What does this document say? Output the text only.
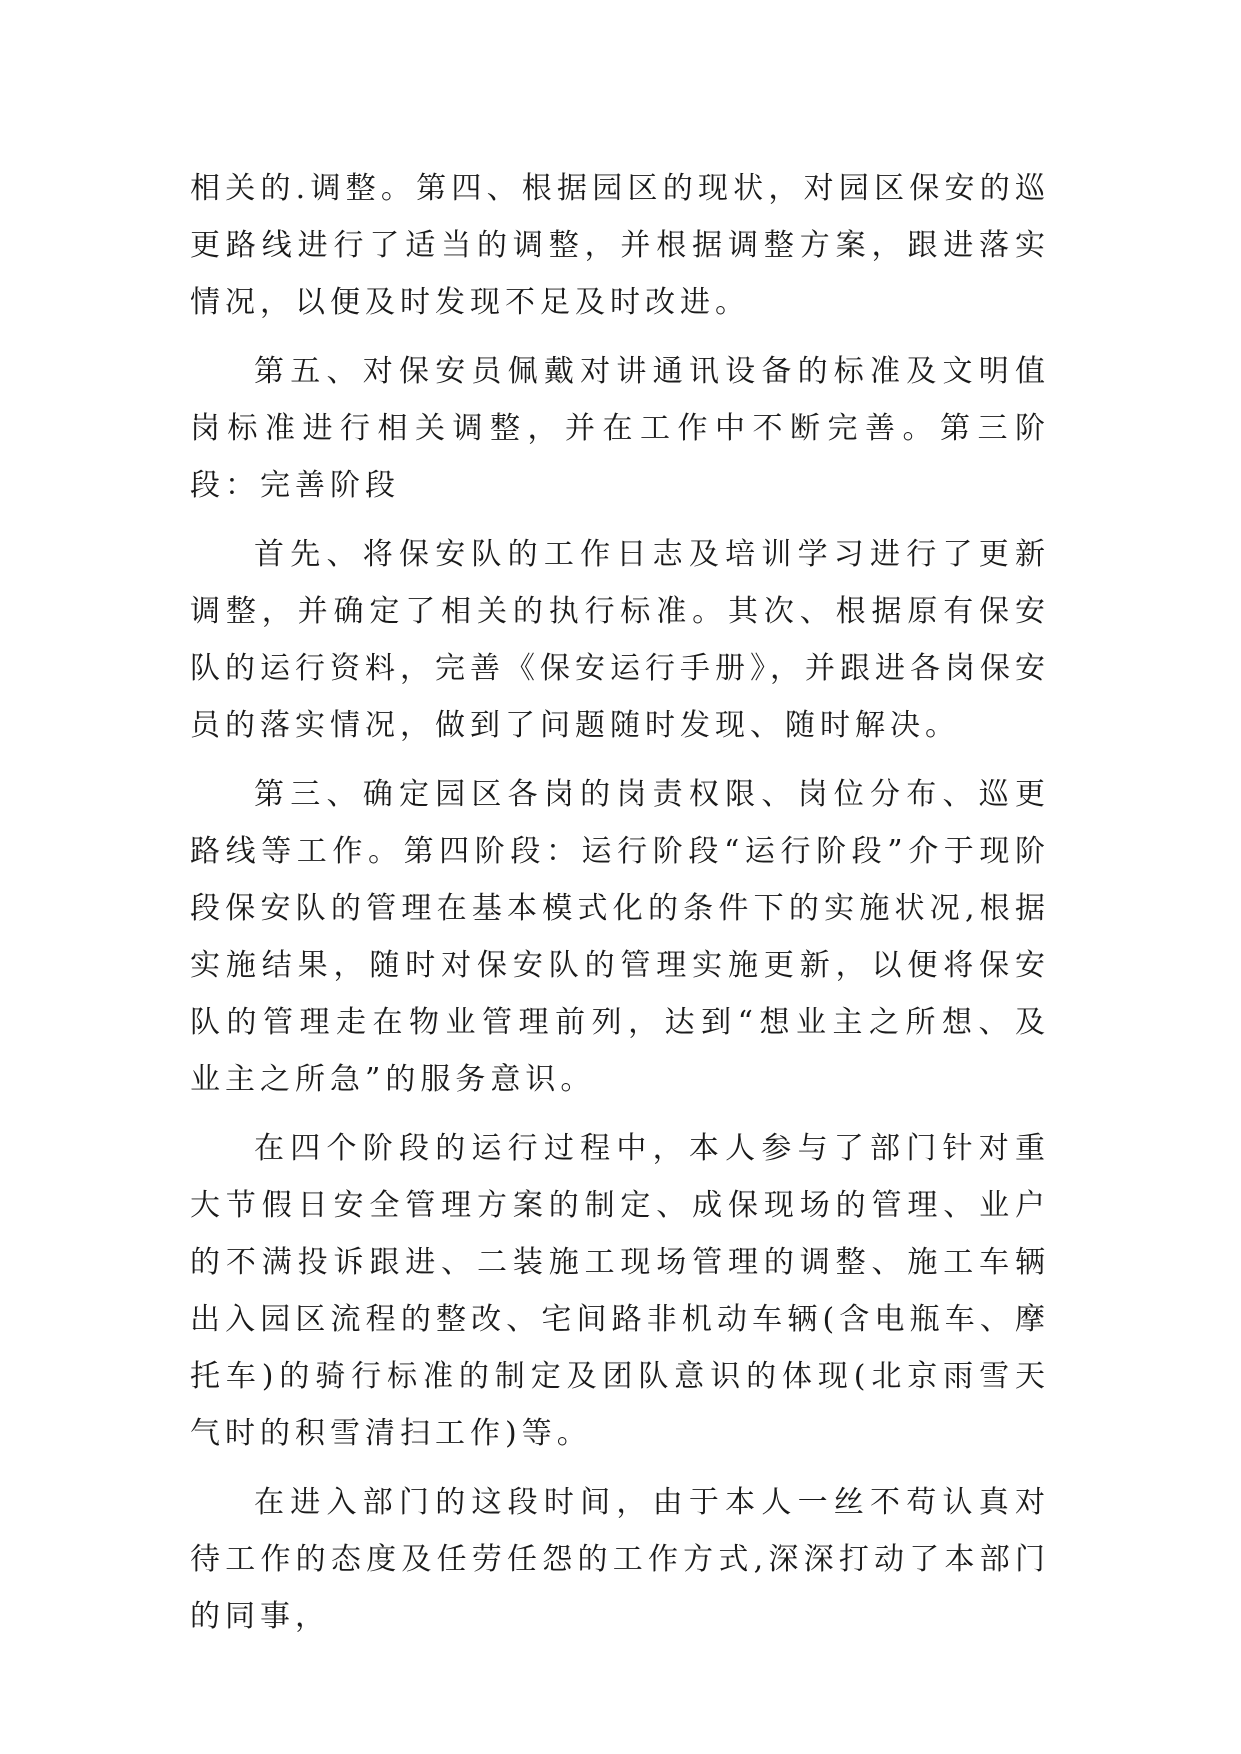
相关的.调整。第四、根据园区的现状，对园区保安的巡更路线进行了适当的调整，并根据调整方案，跟进落实情况，以便及时发现不足及时改进。

第五、对保安员佩戴对讲通讯设备的标准及文明值岗标准进行相关调整，并在工作中不断完善。第三阶段：完善阶段

首先、将保安队的工作日志及培训学习进行了更新调整，并确定了相关的执行标准。其次、根据原有保安队的运行资料，完善《保安运行手册》，并跟进各岗保安员的落实情况，做到了问题随时发现、随时解决。

第三、确定园区各岗的岗责权限、岗位分布、巡更路线等工作。第四阶段：运行阶段“运行阶段”介于现阶段保安队的管理在基本模式化的条件下的实施状况,根据实施结果，随时对保安队的管理实施更新，以便将保安队的管理走在物业管理前列，达到“想业主之所想、及业主之所急”的服务意识。

在四个阶段的运行过程中，本人参与了部门针对重大节假日安全管理方案的制定、成保现场的管理、业户的不满投诉跟进、二装施工现场管理的调整、施工车辆出入园区流程的整改、宅间路非机动车辆(含电瓶车、摩托车)的骑行标准的制定及团队意识的体现(北京雨雪天气时的积雪清扫工作)等。

在进入部门的这段时间，由于本人一丝不苟认真对待工作的态度及任劳任怨的工作方式,深深打动了本部门的同事，
